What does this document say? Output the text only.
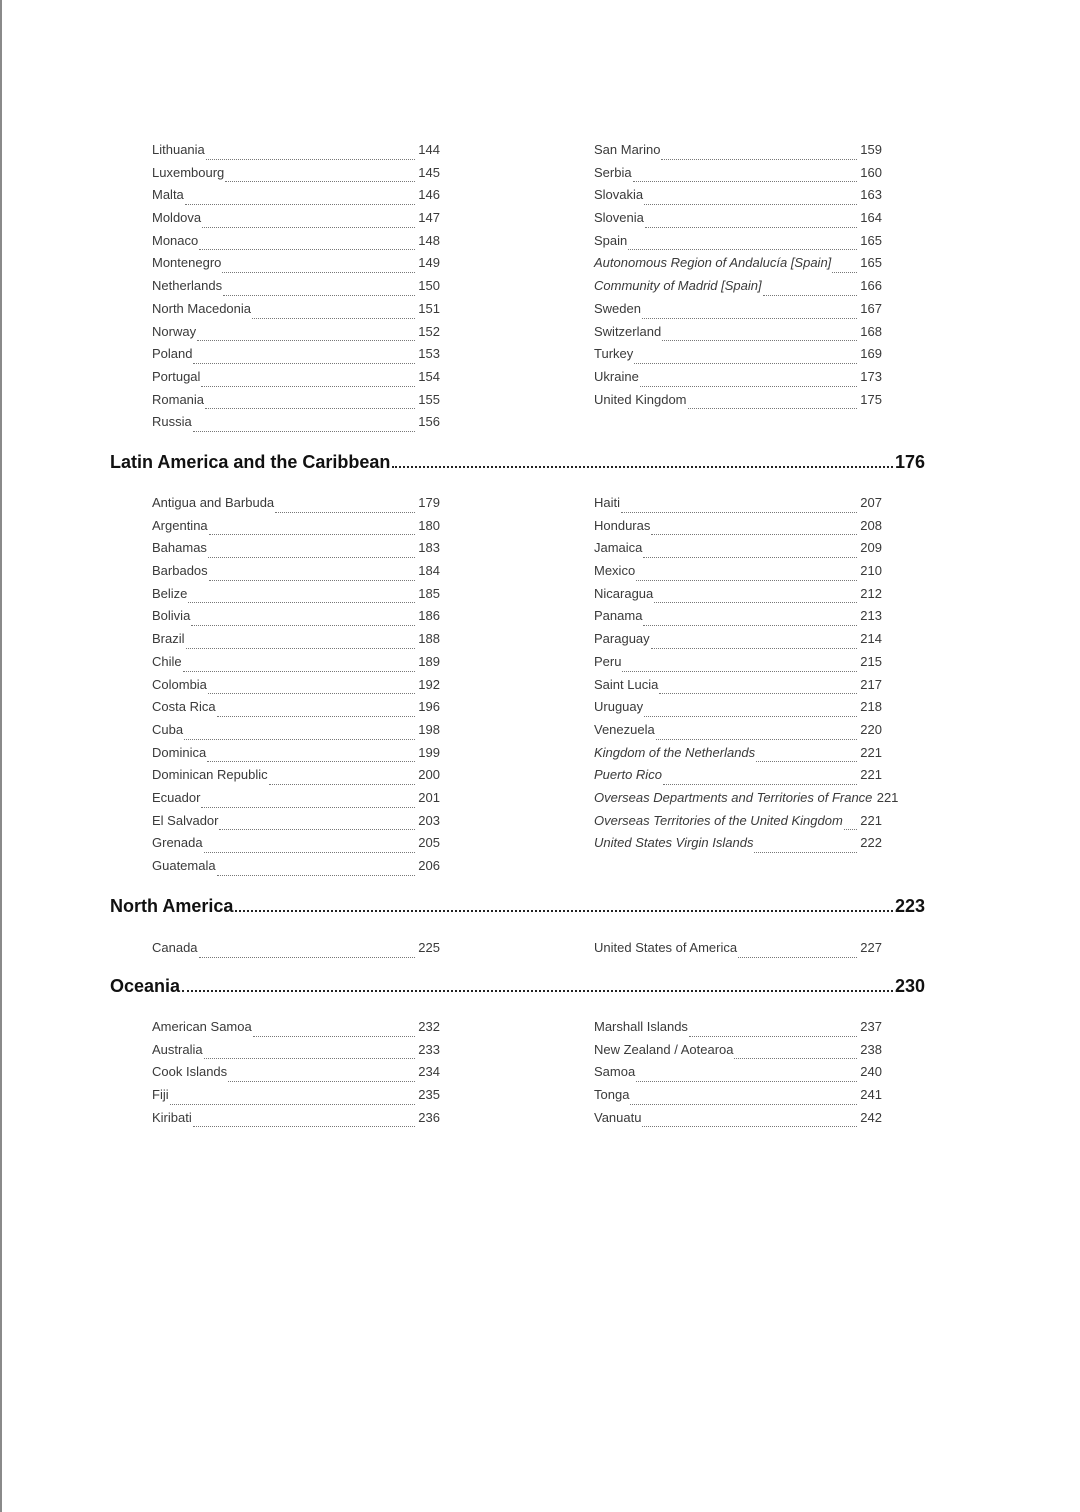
Lithuania	144
Luxembourg	145
Malta	146
Moldova	147
Monaco	148
Montenegro	149
Netherlands	150
North Macedonia	151
Norway	152
Poland	153
Portugal	154
Romania	155
Russia	156
San Marino	159
Serbia	160
Slovakia	163
Slovenia	164
Spain	165
Autonomous Region of Andalucía [Spain] 165
Community of Madrid [Spain]	166
Sweden	167
Switzerland	168
Turkey	169
Ukraine	173
United Kingdom	175
Latin America and the Caribbean	176
Antigua and Barbuda	179
Argentina	180
Bahamas	183
Barbados	184
Belize	185
Bolivia	186
Brazil	188
Chile	189
Colombia	192
Costa Rica	196
Cuba	198
Dominica	199
Dominican Republic	200
Ecuador	201
El Salvador	203
Grenada	205
Guatemala	206
Haiti	207
Honduras	208
Jamaica	209
Mexico	210
Nicaragua	212
Panama	213
Paraguay	214
Peru	215
Saint Lucia	217
Uruguay	218
Venezuela	220
Kingdom of the Netherlands	221
Puerto Rico	221
Overseas Departments and Territories of France 221
Overseas Territories of the United Kingdom 221
United States Virgin Islands	222
North America	223
Canada	225	United States of America	227
Oceania	230
American Samoa	232
Australia	233
Cook Islands	234
Fiji	235
Kiribati	236
Marshall Islands	237
New Zealand / Aotearoa	238
Samoa	240
Tonga	241
Vanuatu	242
